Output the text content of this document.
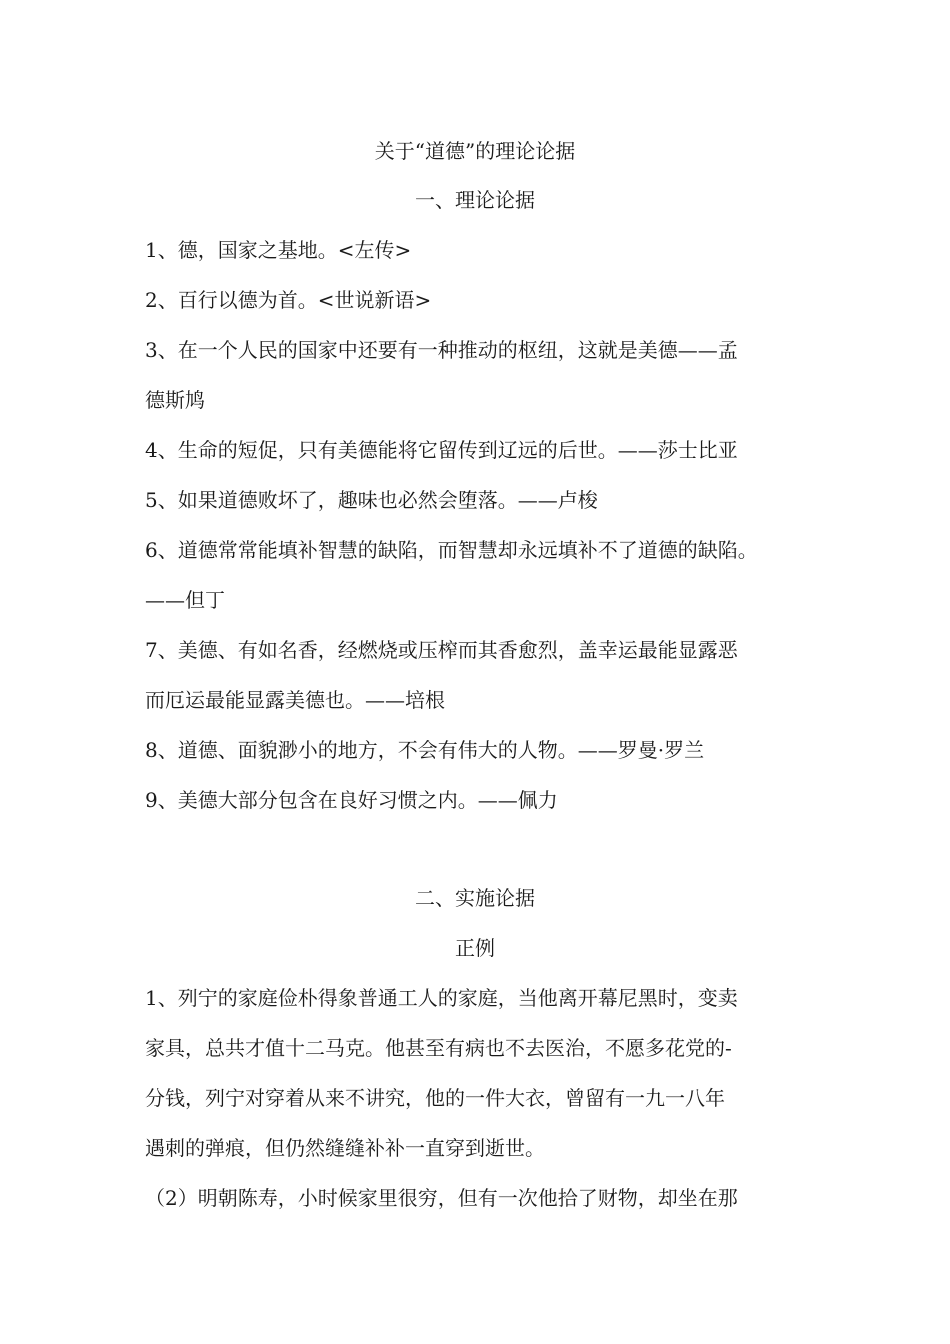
关于“道德”的理论论据
一、理论论据
1、德，国家之基地。<左传>
2、百行以德为首。<世说新语>
3、在一个人民的国家中还要有一种推动的枢纽，这就是美德——孟
德斯鸠
4、生命的短促，只有美德能将它留传到辽远的后世。——莎士比亚
5、如果道德败坏了，趣味也必然会堕落。——卢梭
6、道德常常能填补智慧的缺陷，而智慧却永远填补不了道德的缺陷。
——但丁
7、美德、有如名香，经燃烧或压榨而其香愈烈，盖幸运最能显露恶
而厄运最能显露美德也。——培根
8、道德、面貌渺小的地方，不会有伟大的人物。——罗曼·罗兰
9、美德大部分包含在良好习惯之内。——佩力
二、实施论据
正例
1、列宁的家庭俭朴得象普通工人的家庭，当他离开幕尼黑时，变卖
家具，总共才值十二马克。他甚至有病也不去医治，不愿多花党的-
分钱，列宁对穿着从来不讲究，他的一件大衣，曾留有一九一八年
遇刺的弹痕，但仍然缝缝补补一直穿到逝世。
（2）明朝陈寿，小时候家里很穷，但有一次他拾了财物，却坐在那
